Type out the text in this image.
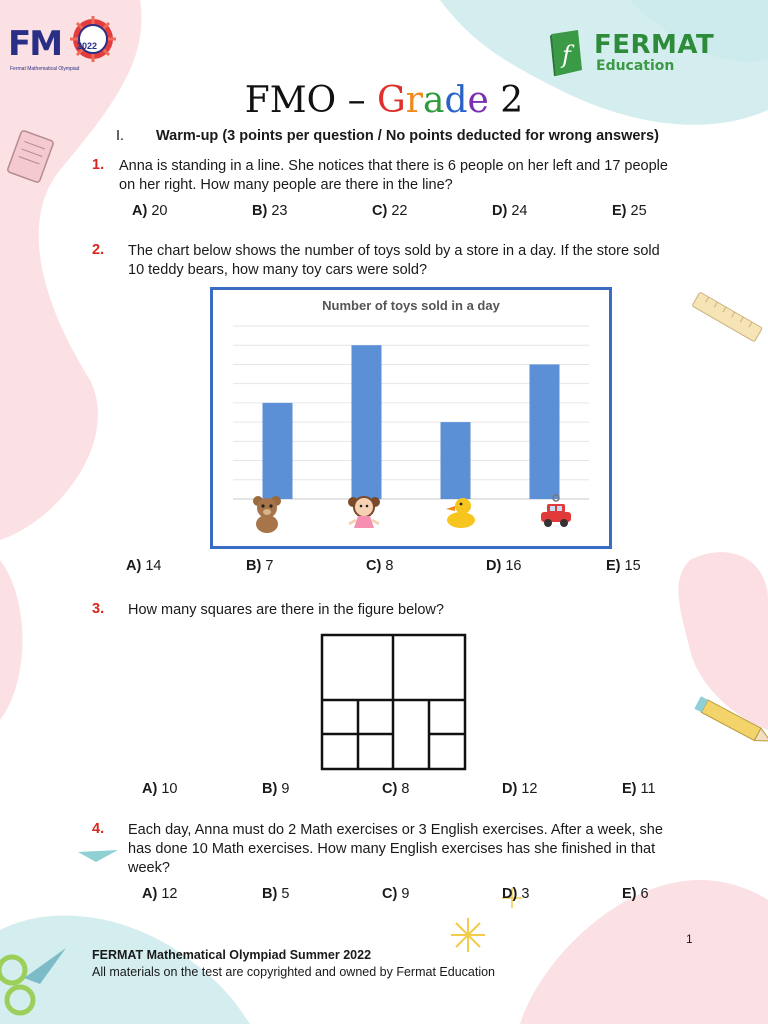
FM 2022
Fermat Mathematical Olympiad	f FERMAT
Education
FMO – Grade 2
I. Warm-up (3 points per question / No points deducted for wrong answers)
1. Anna is standing in a line. She notices that there is 6 people on her left and 17 people
on her right. How many people are there in the line?
A) 20	B) 23	C) 22	D) 24	E) 25
2. The chart below shows the number of toys sold by a store in a day. If the store sold
10 teddy bears, how many toy cars were sold?
Number of toys sold in a day
A) 14	B) 7	C) 8	D) 16	E) 15
3. How many squares are there in the figure below?
A) 10	B) 9	C) 8	D) 12	E) 11
4. Each day, Anna must do 2 Math exercises or 3 English exercises. After a week, she
has done 10 Math exercises. How many English exercises has she finished in that
week?
A) 12	B) 5	C) 9	D) 3	E) 6
1
FERMAT Mathematical Olympiad Summer 2022
All materials on the test are copyrighted and owned by Fermat Education
